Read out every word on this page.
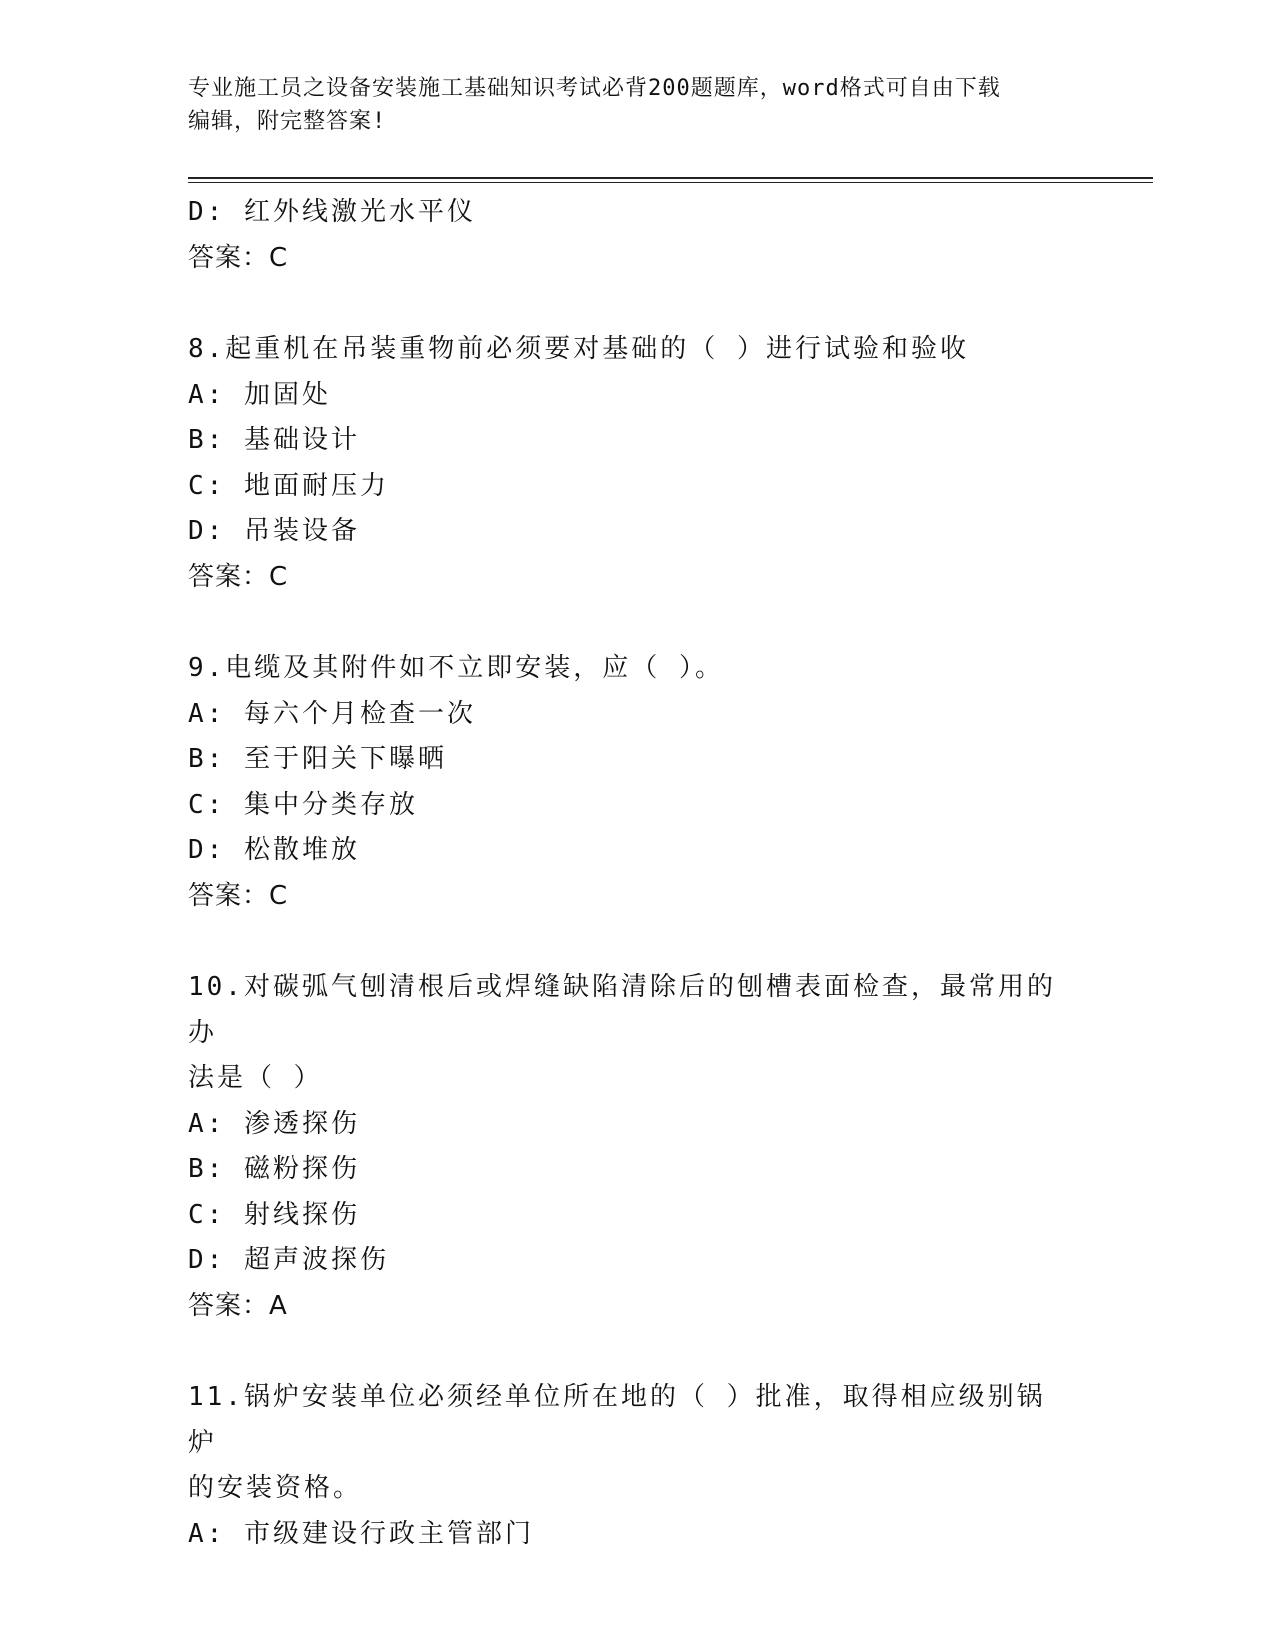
专业施工员之设备安装施工基础知识考试必背200题题库，word格式可自由下载
编辑，附完整答案!
D: 红外线激光水平仪
答案：C
8.起重机在吊装重物前必须要对基础的（ ）进行试验和验收
A: 加固处
B: 基础设计
C: 地面耐压力
D: 吊装设备
答案：C
9.电缆及其附件如不立即安装，应（ ）。
A: 每六个月检查一次
B: 至于阳关下曝晒
C: 集中分类存放
D: 松散堆放
答案：C
10.对碳弧气刨清根后或焊缝缺陷清除后的刨槽表面检查，最常用的办
法是（ ）
A: 渗透探伤
B: 磁粉探伤
C: 射线探伤
D: 超声波探伤
答案：A
11.锅炉安装单位必须经单位所在地的（ ）批准，取得相应级别锅炉
的安装资格。
A: 市级建设行政主管部门
